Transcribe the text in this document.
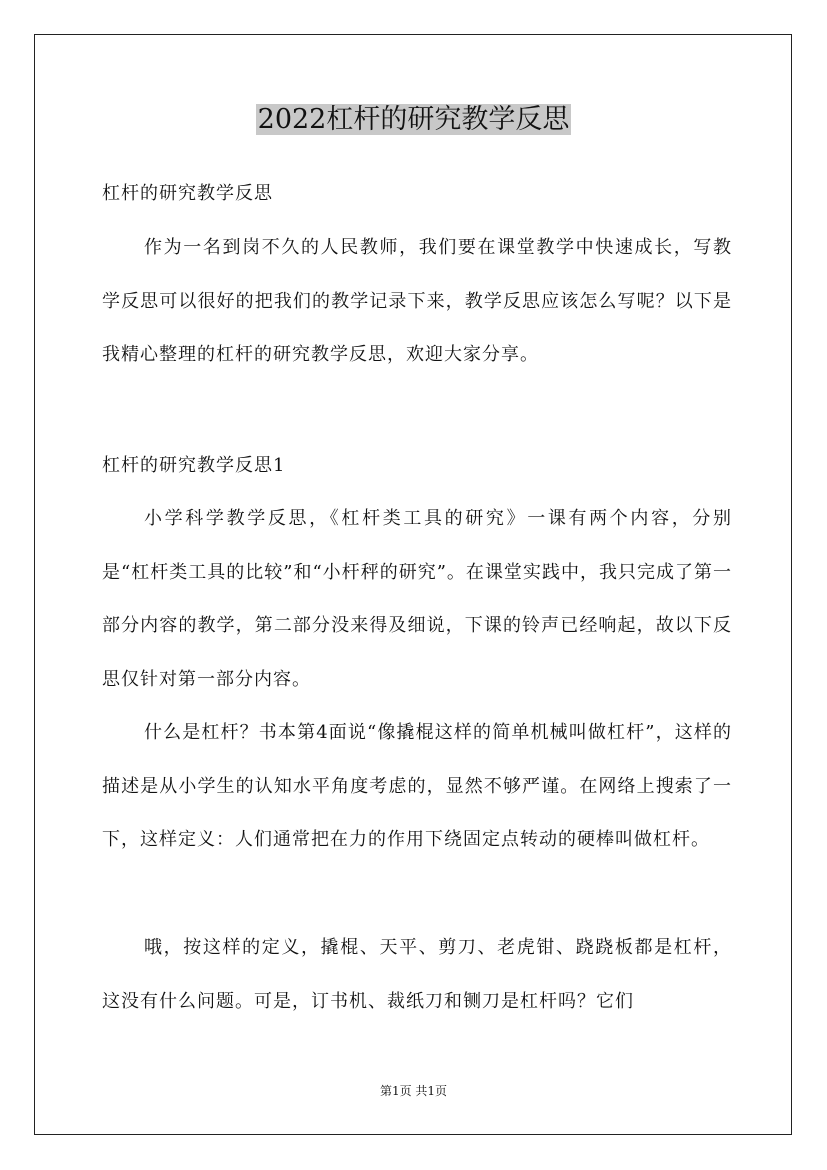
2022杠杆的研究教学反思

杠杆的研究教学反思

作为一名到岗不久的人民教师，我们要在课堂教学中快速成长，写教学反思可以很好的把我们的教学记录下来，教学反思应该怎么写呢？以下是我精心整理的杠杆的研究教学反思，欢迎大家分享。

杠杆的研究教学反思1

小学科学教学反思，《杠杆类工具的研究》一课有两个内容，分别是“杠杆类工具的比较”和“小杆秤的研究”。在课堂实践中，我只完成了第一部分内容的教学，第二部分没来得及细说，下课的铃声已经响起，故以下反思仅针对第一部分内容。

什么是杠杆？书本第4面说“像撬棍这样的简单机械叫做杠杆”，这样的描述是从小学生的认知水平角度考虑的，显然不够严谨。在网络上搜索了一下，这样定义：人们通常把在力的作用下绕固定点转动的硬棒叫做杠杆。

哦，按这样的定义，撬棍、天平、剪刀、老虎钳、跷跷板都是杠杆，这没有什么问题。可是，订书机、裁纸刀和铡刀是杠杆吗？它们

第1页 共1页
